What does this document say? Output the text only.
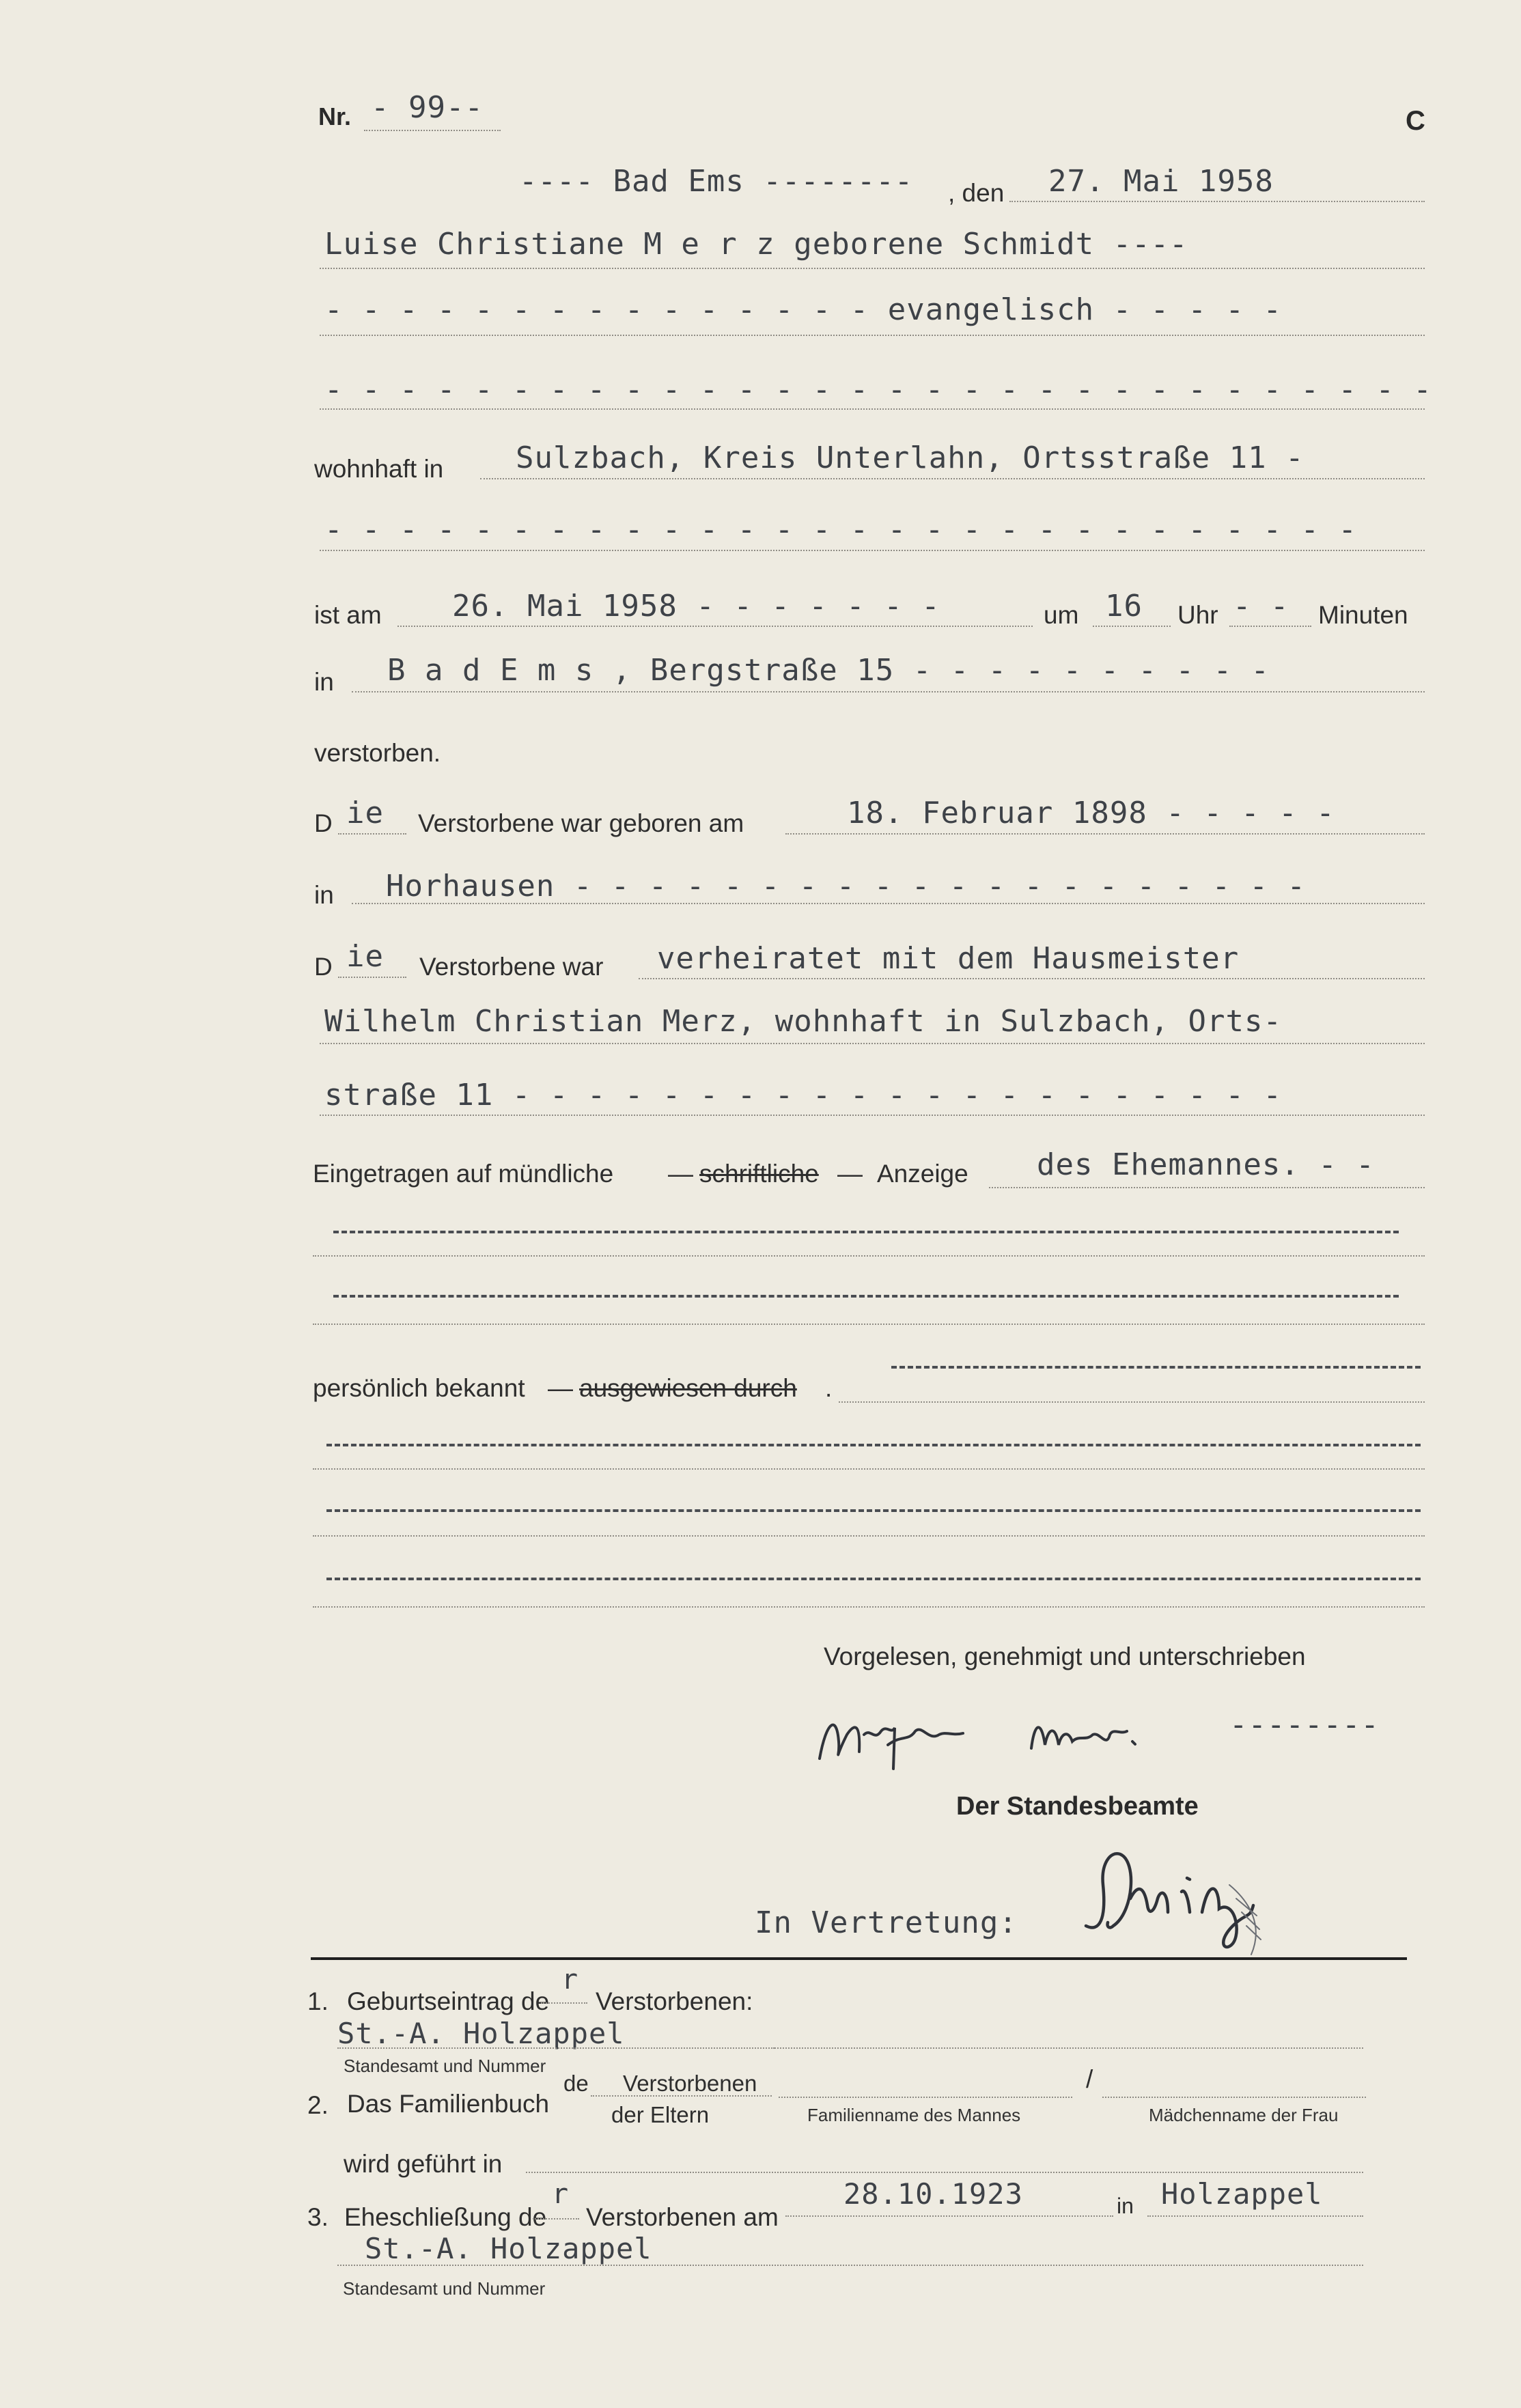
Nr. - 99--	C
---- Bad Ems -------- , den 27. Mai 1958
Luise Christiane M e r z geborene Schmidt ----
- - - - - - - - - - - - - - - evangelisch - - - - -
- - - - - - - - - - - - - - - - - - - - - - - - - - - - - -
wohnhaft in Sulzbach, Kreis Unterlahn, Ortsstraße 11 -
- - - - - - - - - - - - - - - - - - - - - - - - - - - -
ist am 26. Mai 1958 - - - - - - -	um 16 Uhr - - Minuten
in B a d E m s , Bergstraße 15 - - - - - - - - - -
verstorben.
D ie Verstorbene war geboren am	18. Februar 1898 - - - - -
in Horhausen - - - - - - - - - - - - - - - - - - - -
D ie Verstorbene war verheiratet mit dem Hausmeister
Wilhelm Christian Merz, wohnhaft in Sulzbach, Orts-
straße 11 - - - - - - - - - - - - - - - - - - - - -
Eingetragen auf mündliche — schriftliche — Anzeige des Ehemannes. - -
persönlich bekannt — ausgewiesen durch .
Vorgelesen, genehmigt und unterschrieben
--------
Der Standesbeamte
In Vertretung:
1. Geburtseintrag de
r
Verstorbenen:
St.-A. Holzappel
Standesamt und Nummer
2. Das Familienbuch
de Verstorbenen
der Eltern
/
Familienname des Mannes	Mädchenname der Frau
wird geführt in
3. Eheschließung de
r
Verstorbenen am
28.10.1923	in Holzappel
St.-A. Holzappel
Standesamt und Nummer
